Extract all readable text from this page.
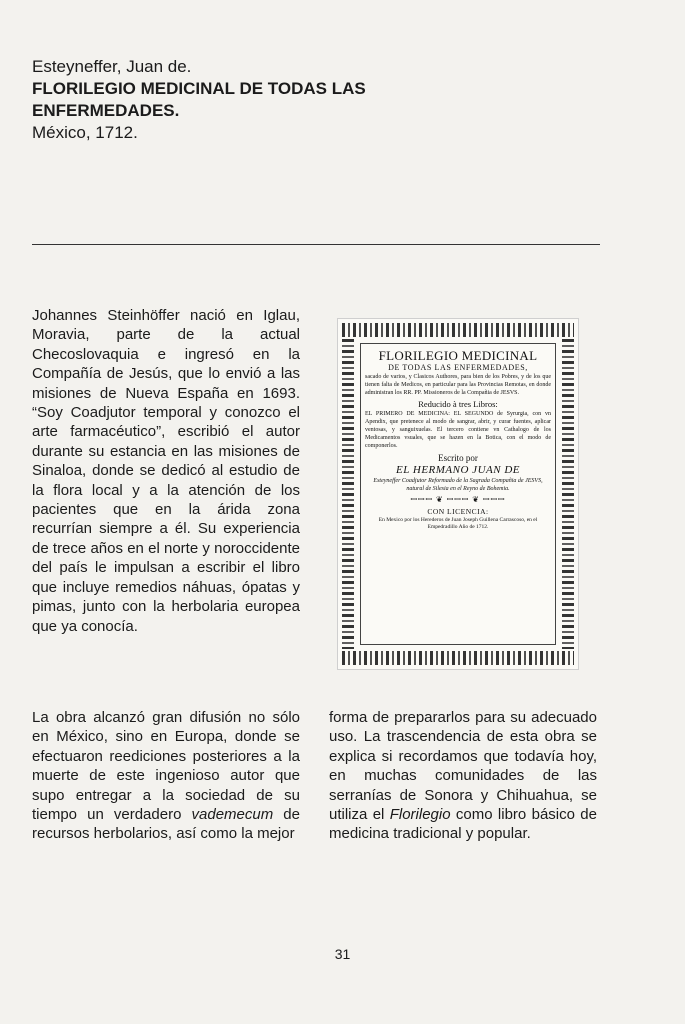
Esteyneffer, Juan de.
FLORILEGIO MEDICINAL DE TODAS LAS ENFERMEDADES.
México, 1712.

Johannes Steinhöffer nació en Iglau, Moravia, parte de la actual Checoslovaquia e ingresó en la Compañía de Jesús, que lo envió a las misiones de Nueva España en 1693. “Soy Coadjutor temporal y conozco el arte farmacéutico”, escribió el autor durante su estancia en las misiones de Sinaloa, donde se dedicó al estudio de la flora local y a la atención de los pacientes que en la árida zona recurrían siempre a él. Su experiencia de trece años en el norte y noroccidente del país le impulsan a escribir el libro que incluye remedios náhuas, ópatas y pimas, junto con la herbolaria europea que ya conocía.

FLORILEGIO MEDICINAL
DE TODAS LAS ENFERMEDADES,
sacado de varios, y Clasicos Authores, para bien de los Pobres, y de los que tienen falta de Medicos, en particular para las Provincias Remotas, en donde administran los RR. PP. Missioneros de la Compañia de JESVS.
Reducido à tres Libros:
EL PRIMERO DE MEDICINA: EL SEGUNDO de Syrurgia, con vn Apendix, que pretenece al modo de sangrar, abrir, y curar fuentes, aplicar ventosas, y sanguixuelas. El tercero contiene vn Cathalogo de los Medicamentos vsuales, que se hazen en la Botica, con el modo de componerlos.
Escrito por
EL HERMANO JUAN DE
Esteyneffer Coadjutor Reformado de la Sagrada Compañia de JESVS, natural de Silesia en el Reyno de Bohemia.
ꟷꟷꟷ ❦ ꟷꟷꟷ ❦ ꟷꟷꟷ
CON LICENCIA:
En Mexico por los Herederos de Juan Joseph Guillena Carrascoso, en el Empedradillo Año de 1712.

La obra alcanzó gran difusión no sólo en México, sino en Europa, donde se efectuaron reediciones posteriores a la muerte de este ingenioso autor que supo entregar a la sociedad de su tiempo un verdadero vademecum de recursos herbolarios, así como la mejor

forma de prepararlos para su adecuado uso. La trascendencia de esta obra se explica si recordamos que todavía hoy, en muchas comunidades de las serranías de Sonora y Chihuahua, se utiliza el Florilegio como libro básico de medicina tradicional y popular.

31
